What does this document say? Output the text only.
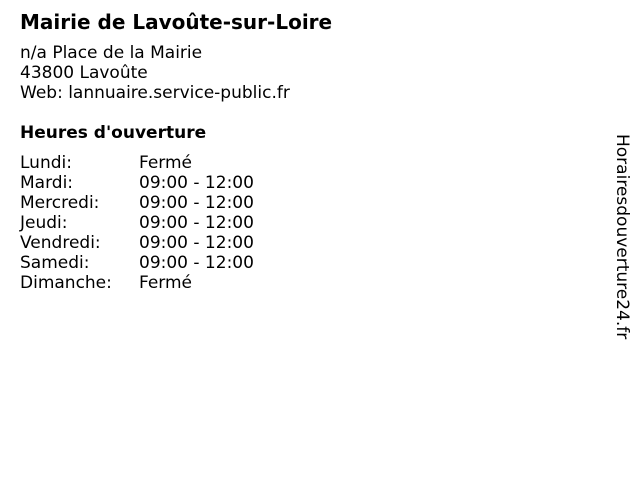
Mairie de Lavoûte-sur-Loire
n/a Place de la Mairie
43800 Lavoûte
Web: lannuaire.service-public.fr
Heures d'ouverture
Lundi:	Fermé
Mardi:	09:00 - 12:00
Mercredi: 09:00 - 12:00
Jeudi:	09:00 - 12:00
Vendredi: 09:00 - 12:00
Samedi:	09:00 - 12:00
Dimanche: Fermé	Horairesdouverture24.fr
